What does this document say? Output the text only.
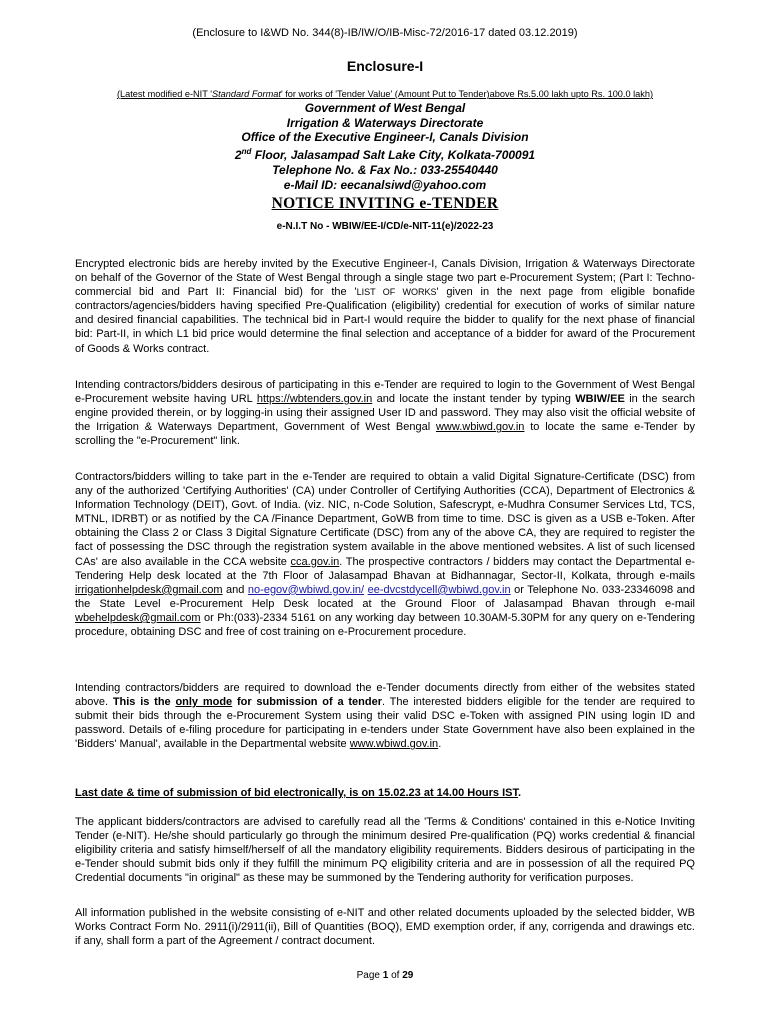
(Enclosure to I&WD No. 344(8)-IB/IW/O/IB-Misc-72/2016-17 dated 03.12.2019)
Enclosure-I
(Latest modified e-NIT 'Standard Format' for works of 'Tender Value' (Amount Put to Tender)above Rs.5.00 lakh upto Rs. 100.0 lakh)
Government of West Bengal
Irrigation & Waterways Directorate
Office of the Executive Engineer-I, Canals Division
2nd Floor, Jalasampad Salt Lake City, Kolkata-700091
Telephone No. & Fax No.: 033-25540440
e-Mail ID: eecanalsiwd@yahoo.com
NOTICE INVITING e-TENDER
e-N.I.T No - WBIW/EE-I/CD/e-NIT-11(e)/2022-23

Encrypted electronic bids are hereby invited by the Executive Engineer-I, Canals Division, Irrigation & Waterways Directorate on behalf of the Governor of the State of West Bengal through a single stage two part e-Procurement System; (Part I: Techno-commercial bid and Part II: Financial bid) for the 'LIST OF WORKS' given in the next page from eligible bonafide contractors/agencies/bidders having specified Pre-Qualification (eligibility) credential for execution of works of similar nature and desired financial capabilities. The technical bid in Part-I would require the bidder to qualify for the next phase of financial bid: Part-II, in which L1 bid price would determine the final selection and acceptance of a bidder for award of the Procurement of Goods & Works contract.

Intending contractors/bidders desirous of participating in this e-Tender are required to login to the Government of West Bengal e-Procurement website having URL https://wbtenders.gov.in and locate the instant tender by typing WBIW/EE in the search engine provided therein, or by logging-in using their assigned User ID and password. They may also visit the official website of the Irrigation & Waterways Department, Government of West Bengal www.wbiwd.gov.in to locate the same e-Tender by scrolling the "e-Procurement" link.

Contractors/bidders willing to take part in the e-Tender are required to obtain a valid Digital Signature-Certificate (DSC) from any of the authorized 'Certifying Authorities' (CA) under Controller of Certifying Authorities (CCA), Department of Electronics & Information Technology (DEIT), Govt. of India. (viz. NIC, n-Code Solution, Safescrypt, e-Mudhra Consumer Services Ltd, TCS, MTNL, IDRBT) or as notified by the CA /Finance Department, GoWB from time to time. DSC is given as a USB e-Token. After obtaining the Class 2 or Class 3 Digital Signature Certificate (DSC) from any of the above CA, they are required to register the fact of possessing the DSC through the registration system available in the above mentioned websites. A list of such licensed CAs' are also available in the CCA website cca.gov.in. The prospective contractors / bidders may contact the Departmental e-Tendering Help desk located at the 7th Floor of Jalasampad Bhavan at Bidhannagar, Sector-II, Kolkata, through e-mails irrigationhelpdesk@gmail.com and no-egov@wbiwd.gov.in/ ee-dvcstdycell@wbiwd.gov.in or Telephone No. 033-23346098 and the State Level e-Procurement Help Desk located at the Ground Floor of Jalasampad Bhavan through e-mail wbehelpdesk@gmail.com or Ph:(033)-2334 5161 on any working day between 10.30AM-5.30PM for any query on e-Tendering procedure, obtaining DSC and free of cost training on e-Procurement procedure.

Intending contractors/bidders are required to download the e-Tender documents directly from either of the websites stated above. This is the only mode for submission of a tender. The interested bidders eligible for the tender are required to submit their bids through the e-Procurement System using their valid DSC e-Token with assigned PIN using login ID and password. Details of e-filing procedure for participating in e-tenders under State Government have also been explained in the 'Bidders' Manual', available in the Departmental website www.wbiwd.gov.in.

Last date & time of submission of bid electronically, is on 15.02.23 at 14.00 Hours IST.

The applicant bidders/contractors are advised to carefully read all the 'Terms & Conditions' contained in this e-Notice Inviting Tender (e-NIT). He/she should particularly go through the minimum desired Pre-qualification (PQ) works credential & financial eligibility criteria and satisfy himself/herself of all the mandatory eligibility requirements. Bidders desirous of participating in the e-Tender should submit bids only if they fulfill the minimum PQ eligibility criteria and are in possession of all the required PQ Credential documents "in original" as these may be summoned by the Tendering authority for verification purposes.

All information published in the website consisting of e-NIT and other related documents uploaded by the selected bidder, WB Works Contract Form No. 2911(i)/2911(ii), Bill of Quantities (BOQ), EMD exemption order, if any, corrigenda and drawings etc. if any, shall form a part of the Agreement / contract document.

Page 1 of 29
